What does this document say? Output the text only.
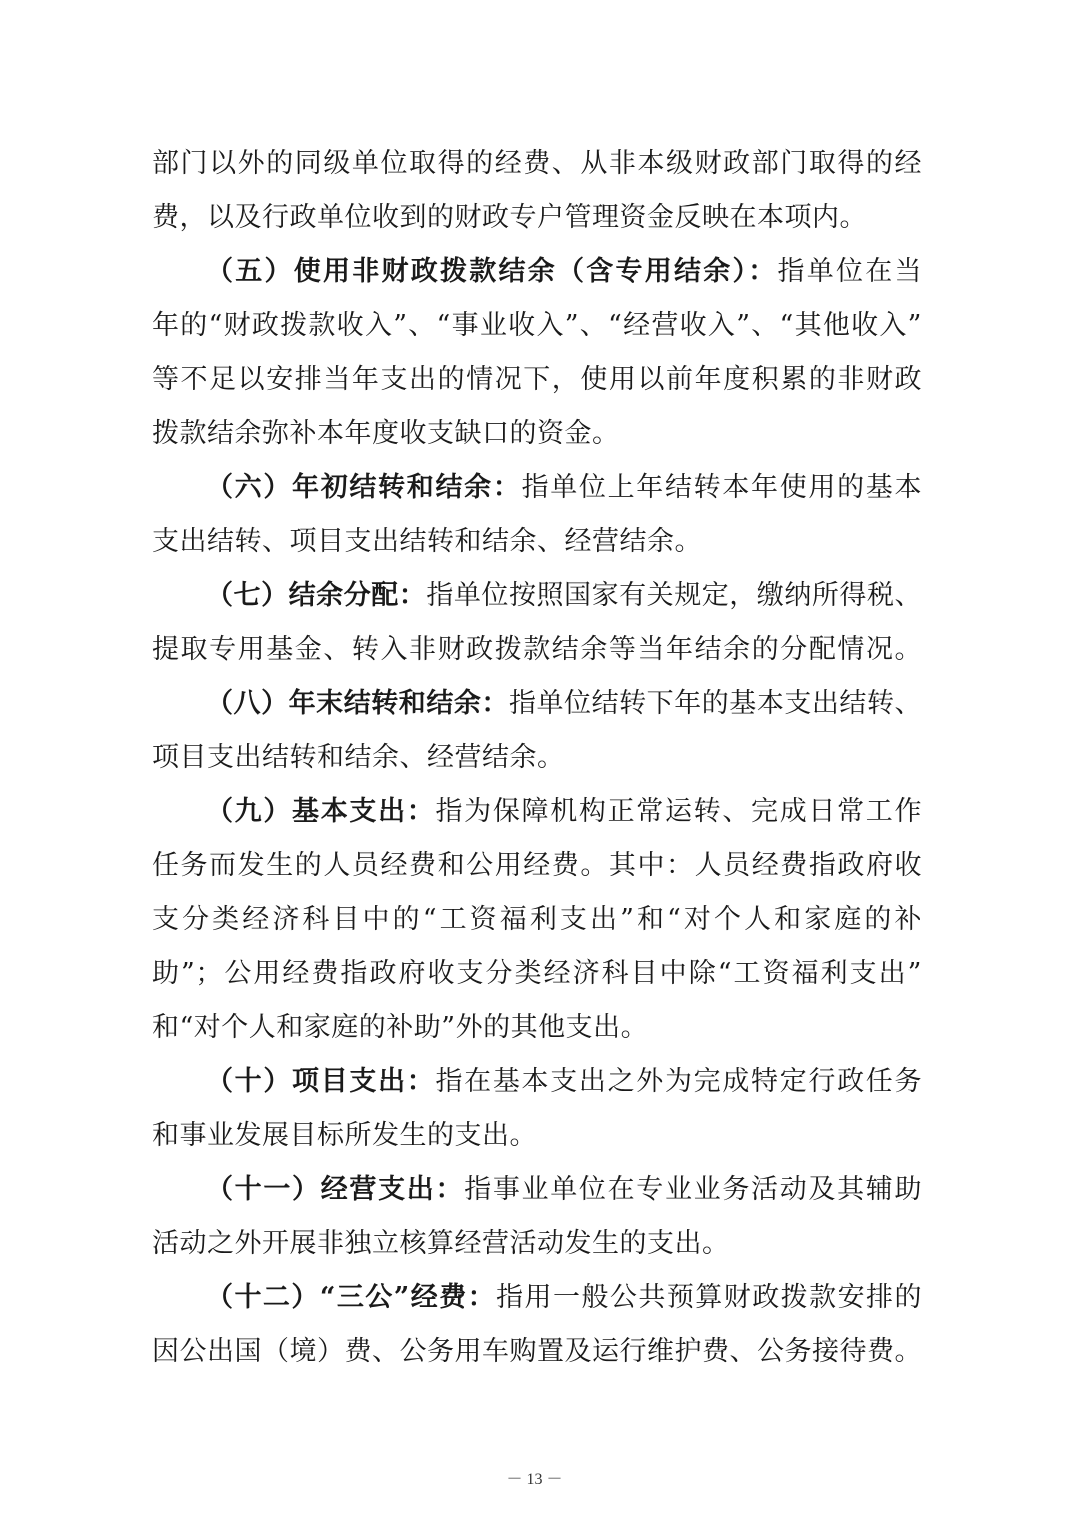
部门以外的同级单位取得的经费、从非本级财政部门取得的经
费，以及行政单位收到的财政专户管理资金反映在本项内。
（五）使用非财政拨款结余（含专用结余）：指单位在当
年的“财政拨款收入”、“事业收入”、“经营收入”、“其他收入”
等不足以安排当年支出的情况下，使用以前年度积累的非财政
拨款结余弥补本年度收支缺口的资金。
（六）年初结转和结余：指单位上年结转本年使用的基本
支出结转、项目支出结转和结余、经营结余。
（七）结余分配：指单位按照国家有关规定，缴纳所得税、
提取专用基金、转入非财政拨款结余等当年结余的分配情况。
（八）年末结转和结余：指单位结转下年的基本支出结转、
项目支出结转和结余、经营结余。
（九）基本支出：指为保障机构正常运转、完成日常工作
任务而发生的人员经费和公用经费。其中：人员经费指政府收
支分类经济科目中的“工资福利支出”和“对个人和家庭的补
助”；公用经费指政府收支分类经济科目中除“工资福利支出”
和“对个人和家庭的补助”外的其他支出。
（十）项目支出：指在基本支出之外为完成特定行政任务
和事业发展目标所发生的支出。
（十一）经营支出：指事业单位在专业业务活动及其辅助
活动之外开展非独立核算经营活动发生的支出。
（十二）“三公”经费：指用一般公共预算财政拨款安排的
因公出国（境）费、公务用车购置及运行维护费、公务接待费。
－ 13 －
